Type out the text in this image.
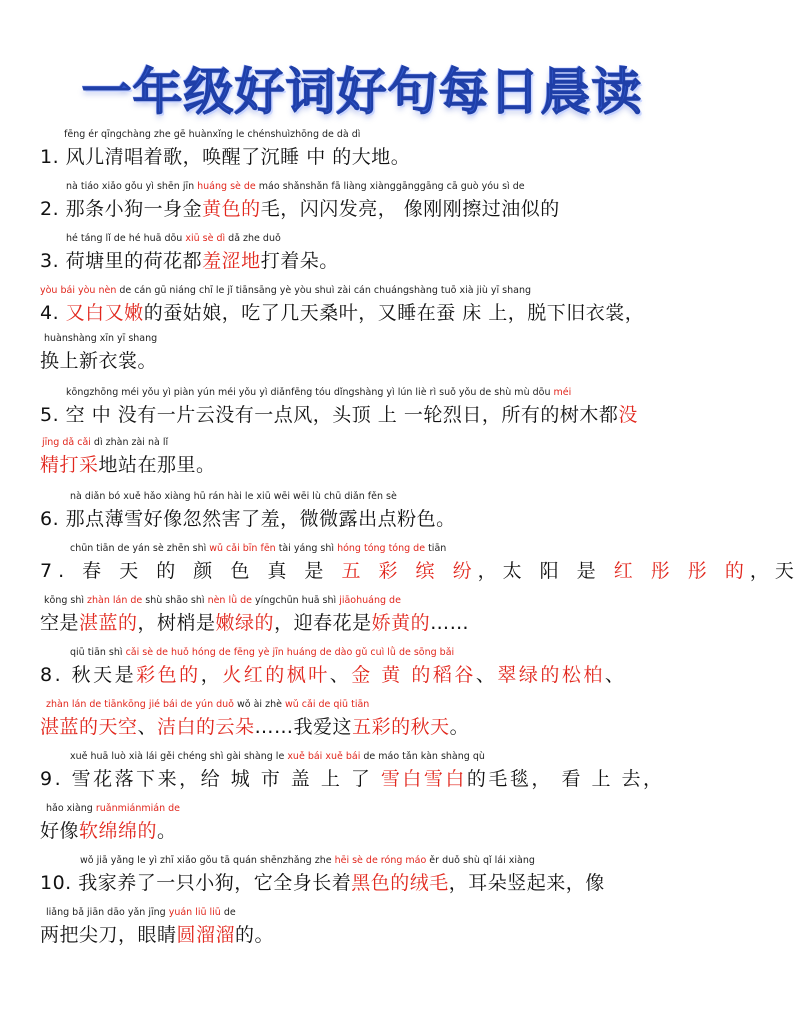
一年级好词好句每日晨读
fēng ér qīngchàng zhe gē huànxǐng le chénshuìzhōng de dà dì
1. 风儿清唱着歌，唤醒了沉睡 中 的大地。
nà tiáo xiǎo gǒu yì shēn jīn huáng sè de máo shǎnshǎn fā liàng xiànggānggāng cā guò yóu sì de
2. 那条小狗一身金黄色的毛，闪闪发亮， 像刚刚擦过油似的
hé táng lǐ de hé huā dōu xiū sè dì dǎ zhe duǒ
3. 荷塘里的荷花都羞涩地打着朵。
yòu bái yòu nèn de cán gū niáng chī le jǐ tiānsāng yè yòu shuì zài cán chuángshàng tuō xià jiù yī shang
4. 又白又嫩的蚕姑娘，吃了几天桑叶，又睡在蚕 床 上，脱下旧衣裳，
huànshàng xīn yī shang
换上新衣裳。
kōngzhōng méi yǒu yì piàn yún méi yǒu yì diǎnfēng tóu dǐngshàng yì lún liè rì suǒ yǒu de shù mù dōu méi
5. 空 中 没有一片云没有一点风，头顶 上 一轮烈日，所有的树木都没
jīng dǎ cǎi dì zhàn zài nà lǐ
精打采地站在那里。
nà diǎn bó xuě hǎo xiàng hū rán hài le xiū wēi wēi lù chū diǎn fěn sè
6. 那点薄雪好像忽然害了羞，微微露出点粉色。
chūn tiān de yán sè zhēn shì wǔ cǎi bīn fēn tài yáng shì hóng tóng tóng de tiān
7. 春 天 的 颜 色 真 是 五 彩 缤 纷，太 阳 是 红 彤 彤 的，天
kōng shì zhàn lán de shù shāo shì nèn lǜ de yíngchūn huā shì jiāohuáng de
空是湛蓝的，树梢是嫩绿的，迎春花是娇黄的……
qiū tiān shì cǎi sè de huǒ hóng de fēng yè jīn huáng de dào gǔ cuì lǜ de sōng bǎi
8. 秋天是彩色的，火红的枫叶、金 黄 的稻谷、翠绿的松柏、
zhàn lán de tiānkōng jié bái de yún duǒ wǒ ài zhè wǔ cǎi de qiū tiān
湛蓝的天空、洁白的云朵……我爱这五彩的秋天。
xuě huā luò xià lái gěi chéng shì gài shàng le xuě bái xuě bái de máo tǎn kàn shàng qù
9. 雪花落下来，给 城 市 盖 上 了 雪白雪白的毛毯， 看 上 去，
hǎo xiàng ruǎnmiánmián de
好像软绵绵的。
wǒ jiā yǎng le yì zhī xiǎo gǒu tā quán shēnzhǎng zhe hēi sè de róng máo ěr duǒ shù qǐ lái xiàng
10. 我家养了一只小狗，它全身长着黑色的绒毛，耳朵竖起来，像
liǎng bǎ jiān dāo yǎn jīng yuán liū liū de
两把尖刀，眼睛圆溜溜的。
